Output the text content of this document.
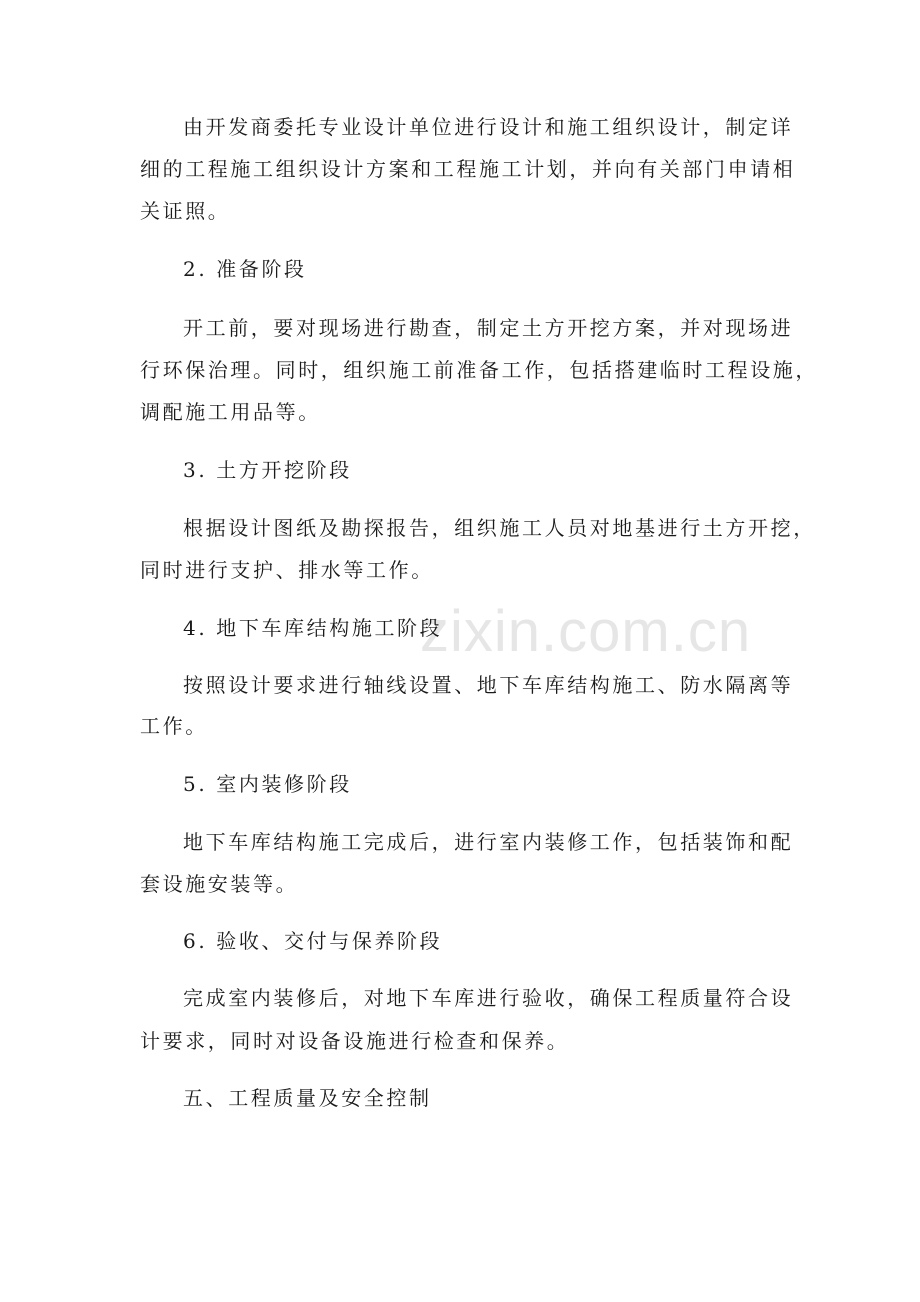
zixin.com.cn
由开发商委托专业设计单位进行设计和施工组织设计，制定详
细的工程施工组织设计方案和工程施工计划，并向有关部门申请相
关证照。
2. 准备阶段
开工前，要对现场进行勘查，制定土方开挖方案，并对现场进
行环保治理。同时，组织施工前准备工作，包括搭建临时工程设施，
调配施工用品等。
3. 土方开挖阶段
根据设计图纸及勘探报告，组织施工人员对地基进行土方开挖，
同时进行支护、排水等工作。
4. 地下车库结构施工阶段
按照设计要求进行轴线设置、地下车库结构施工、防水隔离等
工作。
5. 室内装修阶段
地下车库结构施工完成后，进行室内装修工作，包括装饰和配
套设施安装等。
6. 验收、交付与保养阶段
完成室内装修后，对地下车库进行验收，确保工程质量符合设
计要求，同时对设备设施进行检查和保养。
五、工程质量及安全控制
